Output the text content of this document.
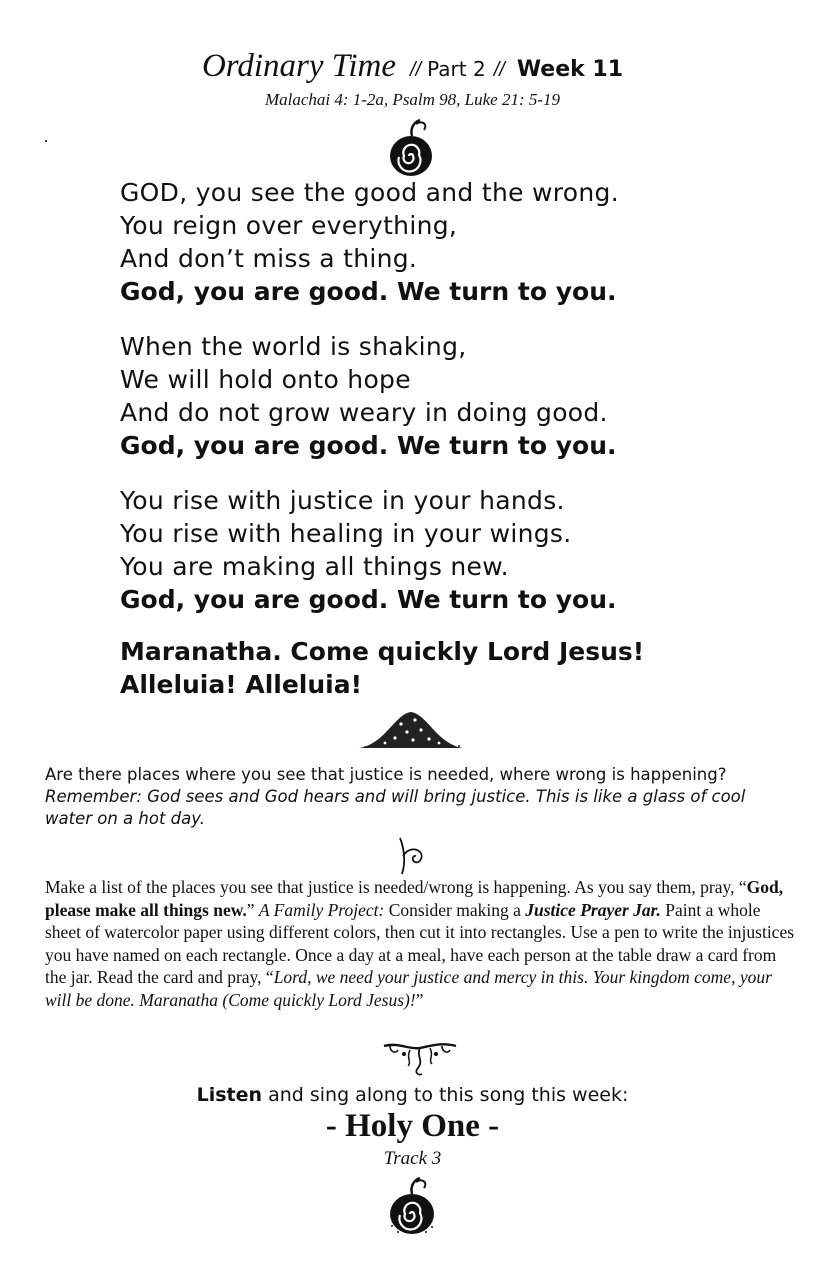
Ordinary Time // Part 2 // Week 11
Malachai 4: 1-2a, Psalm 98, Luke 21: 5-19
GOD, you see the good and the wrong.
You reign over everything,
And don’t miss a thing.
God, you are good. We turn to you.
When the world is shaking,
We will hold onto hope
And do not grow weary in doing good.
God, you are good. We turn to you.
You rise with justice in your hands.
You rise with healing in your wings.
You are making all things new.
God, you are good. We turn to you.
Maranatha. Come quickly Lord Jesus!
Alleluia! Alleluia!
Are there places where you see that justice is needed, where wrong is happening? Remember: God sees and God hears and will bring justice. This is like a glass of cool water on a hot day.
Make a list of the places you see that justice is needed/wrong is happening. As you say them, pray, “God, please make all things new.” A Family Project: Consider making a Justice Prayer Jar. Paint a whole sheet of watercolor paper using different colors, then cut it into rectangles. Use a pen to write the injustices you have named on each rectangle. Once a day at a meal, have each person at the table draw a card from the jar. Read the card and pray, “Lord, we need your justice and mercy in this. Your kingdom come, your will be done. Maranatha (Come quickly Lord Jesus)!”
Listen and sing along to this song this week:
- Holy One -
Track 3
